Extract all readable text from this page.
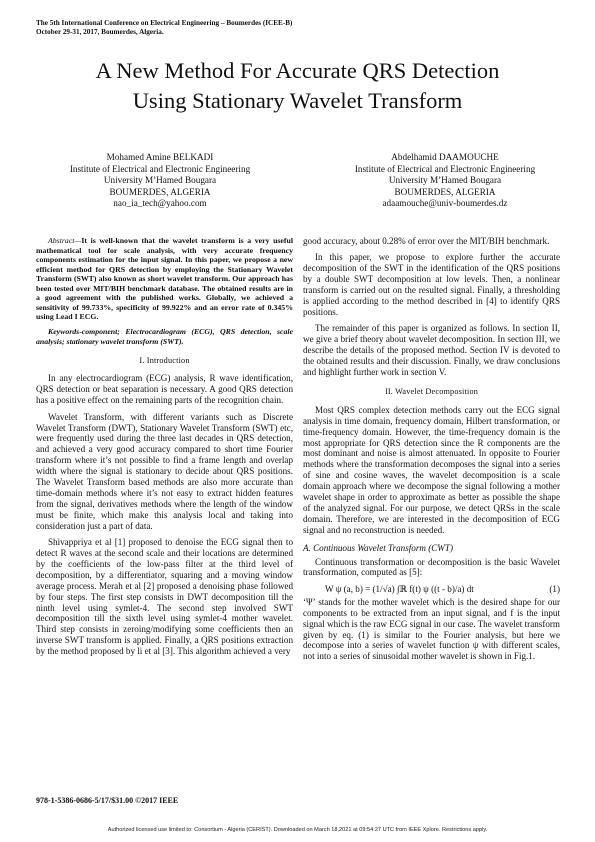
The 5th International Conference on Electrical Engineering – Boumerdes (ICEE-B)
October 29-31, 2017, Boumerdes, Algeria.
A New Method For Accurate QRS Detection
Using Stationary Wavelet Transform
Mohamed Amine BELKADI
Institute of Electrical and Electronic Engineering
University M’Hamed Bougara
BOUMERDES, ALGERIA
nao_ia_tech@yahoo.com
Abdelhamid DAAMOUCHE
Institute of Electrical and Electronic Engineering
University M’Hamed Bougara
BOUMERDES, ALGERIA
adaamouche@univ-boumerdes.dz

Abstract—It is well-known that the wavelet transform is a very useful mathematical tool for scale analysis, with very accurate frequency components estimation for the input signal. In this paper, we propose a new efficient method for QRS detection by employing the Stationary Wavelet Transform (SWT) also known as short wavelet transform. Our approach has been tested over MIT/BIH benchmark database. The obtained results are in a good agreement with the published works. Globally, we achieved a sensitivity of 99.733%, specificity of 99.922% and an error rate of 0.345% using Lead I ECG.

Keywords-component; Electrocardiogram (ECG), QRS detection, scale analysis; stationary wavelet transform (SWT).

I. Introduction

In any electrocardiogram (ECG) analysis, R wave identification, QRS detection or beat separation is necessary. A good QRS detection has a positive effect on the remaining parts of the recognition chain.

Wavelet Transform, with different variants such as Discrete Wavelet Transform (DWT), Stationary Wavelet Transform (SWT) etc, were frequently used during the three last decades in QRS detection, and achieved a very good accuracy compared to short time Fourier transform where it’s not possible to find a frame length and overlap width where the signal is stationary to decide about QRS positions. The Wavelet Transform based methods are also more accurate than time-domain methods where it’s not easy to extract hidden features from the signal, derivatives methods where the length of the window must be finite, which make this analysis local and taking into consideration just a part of data.

Shivappriya et al [1] proposed to denoise the ECG signal then to detect R waves at the second scale and their locations are determined by the coefficients of the low-pass filter at the third level of decomposition, by a differentiator, squaring and a moving window average process. Merah et al [2] proposed a denoising phase followed by four steps. The first step consists in DWT decomposition till the ninth level using symlet-4. The second step involved SWT decomposition till the sixth level using symlet-4 mother wavelet. Third step consists in zeroing/modifying some coefficients then an inverse SWT transform is applied. Finally, a QRS positions extraction by the method proposed by li et al [3]. This algorithm achieved a very

good accuracy, about 0.28% of error over the MIT/BIH benchmark.

In this paper, we propose to explore further the accurate decomposition of the SWT in the identification of the QRS positions by a double SWT decomposition at low levels. Then, a nonlinear transform is carried out on the resulted signal. Finally, a thresholding is applied according to the method described in [4] to identify QRS positions.

The remainder of this paper is organized as follows. In section II, we give a brief theory about wavelet decomposition. In section III, we describe the details of the proposed method. Section IV is devoted to the obtained results and their discussion. Finally, we draw conclusions and highlight further work in section V.

II. Wavelet Decomposition

Most QRS complex detection methods carry out the ECG signal analysis in time domain, frequency domain, Hilbert transformation, or time-frequency domain. However, the time-frequency domain is the most appropriate for QRS detection since the R components are the most dominant and noise is almost attenuated. In opposite to Fourier methods where the transformation decomposes the signal into a series of sine and cosine waves, the wavelet decomposition is a scale domain approach where we decompose the signal following a mother wavelet shape in order to approximate as better as possible the shape of the analyzed signal. For our purpose, we detect QRSs in the scale domain. Therefore, we are interested in the decomposition of ECG signal and no reconstruction is needed.

A. Continuous Wavelet Transform (CWT)

Continuous transformation or decomposition is the basic Wavelet transformation, computed as [5]:

W ψ (a, b) = (1/√a) ∫ℝ f(t) ψ ((t - b)/a) dt	(1)

‘Ψ’ stands for the mother wavelet which is the desired shape for our components to be extracted from an input signal, and f is the input signal which is the raw ECG signal in our case. The wavelet transform given by eq. (1) is similar to the Fourier analysis, but here we decompose into a series of wavelet function ψ with different scales, not into a series of sinusoidal mother wavelet is shown in Fig.1.

978-1-5386-0686-5/17/$31.00 ©2017 IEEE
Authorized licensed use limited to: Consortium - Algeria (CERIST). Downloaded on March 18,2021 at 09:54:27 UTC from IEEE Xplore. Restrictions apply.
